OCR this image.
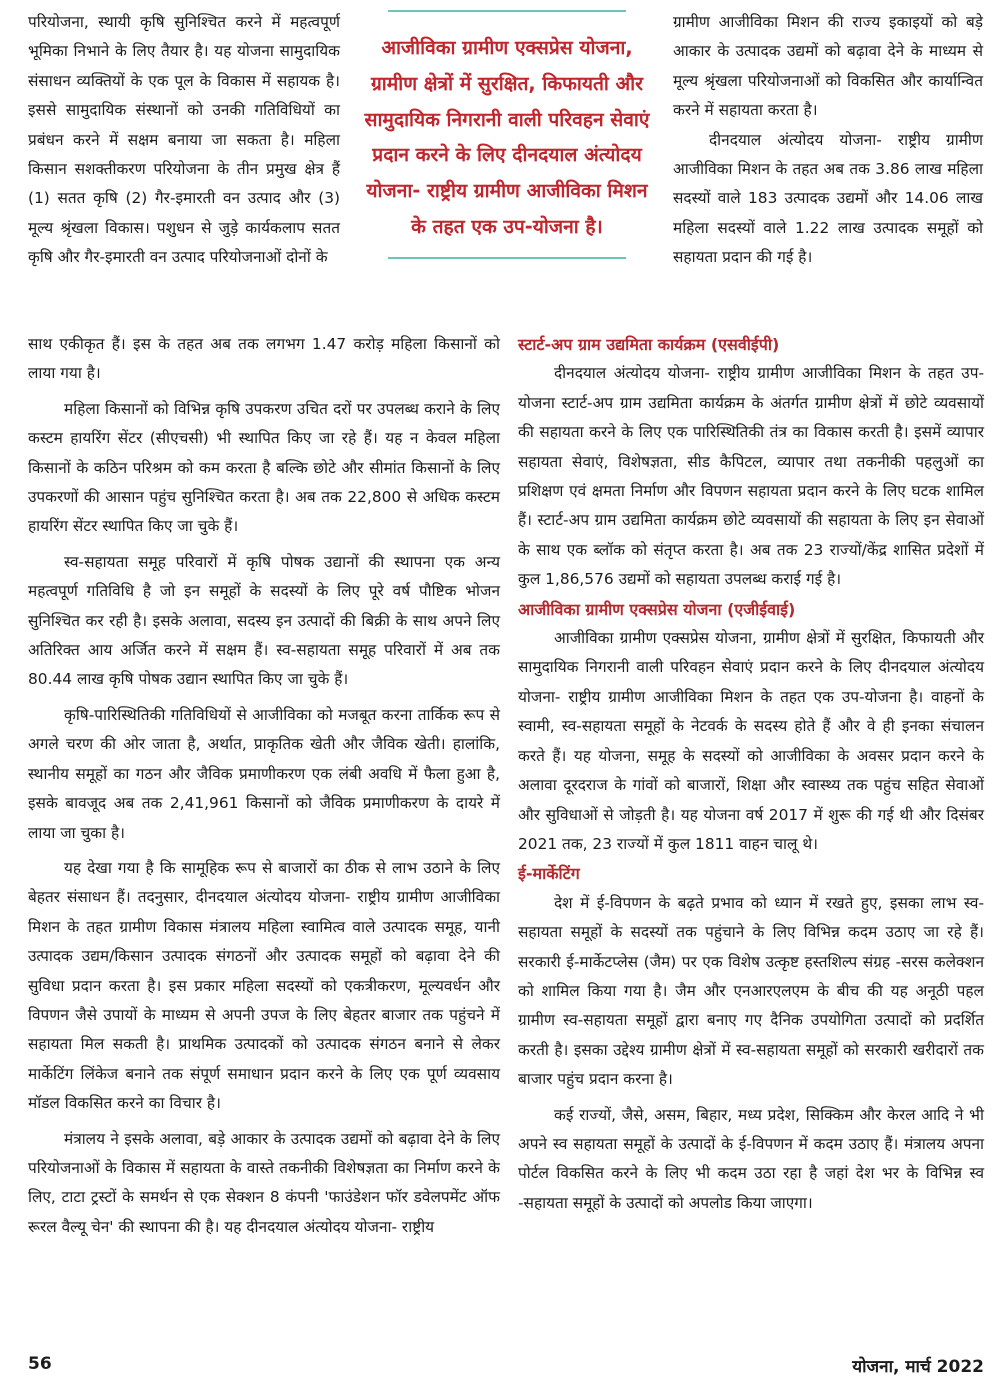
परियोजना, स्थायी कृषि सुनिश्चित करने में महत्वपूर्ण भूमिका निभाने के लिए तैयार है। यह योजना सामुदायिक संसाधन व्यक्तियों के एक पूल के विकास में सहायक है। इससे सामुदायिक संस्थानों को उनकी गतिविधियों का प्रबंधन करने में सक्षम बनाया जा सकता है। महिला किसान सशक्तीकरण परियोजना के तीन प्रमुख क्षेत्र हैं (1) सतत कृषि (2) गैर-इमारती वन उत्पाद और (3) मूल्य श्रृंखला विकास। पशुधन से जुड़े कार्यकलाप सतत कृषि और गैर-इमारती वन उत्पाद परियोजनाओं दोनों के

आजीविका ग्रामीण एक्सप्रेस योजना, ग्रामीण क्षेत्रों में सुरक्षित, किफायती और सामुदायिक निगरानी वाली परिवहन सेवाएं प्रदान करने के लिए दीनदयाल अंत्योदय योजना- राष्ट्रीय ग्रामीण आजीविका मिशन के तहत एक उप-योजना है।

ग्रामीण आजीविका मिशन की राज्य इकाइयों को बड़े आकार के उत्पादक उद्यमों को बढ़ावा देने के माध्यम से मूल्य श्रृंखला परियोजनाओं को विकसित और कार्यान्वित करने में सहायता करता है।

दीनदयाल अंत्योदय योजना- राष्ट्रीय ग्रामीण आजीविका मिशन के तहत अब तक 3.86 लाख महिला सदस्यों वाले 183 उत्पादक उद्यमों और 14.06 लाख महिला सदस्यों वाले 1.22 लाख उत्पादक समूहों को सहायता प्रदान की गई है।

साथ एकीकृत हैं। इस के तहत अब तक लगभग 1.47 करोड़ महिला किसानों को लाया गया है।

महिला किसानों को विभिन्न कृषि उपकरण उचित दरों पर उपलब्ध कराने के लिए कस्टम हायरिंग सेंटर (सीएचसी) भी स्थापित किए जा रहे हैं। यह न केवल महिला किसानों के कठिन परिश्रम को कम करता है बल्कि छोटे और सीमांत किसानों के लिए उपकरणों की आसान पहुंच सुनिश्चित करता है। अब तक 22,800 से अधिक कस्टम हायरिंग सेंटर स्थापित किए जा चुके हैं।

स्व-सहायता समूह परिवारों में कृषि पोषक उद्यानों की स्थापना एक अन्य महत्वपूर्ण गतिविधि है जो इन समूहों के सदस्यों के लिए पूरे वर्ष पौष्टिक भोजन सुनिश्चित कर रही है। इसके अलावा, सदस्य इन उत्पादों की बिक्री के साथ अपने लिए अतिरिक्त आय अर्जित करने में सक्षम हैं। स्व-सहायता समूह परिवारों में अब तक 80.44 लाख कृषि पोषक उद्यान स्थापित किए जा चुके हैं।

कृषि-पारिस्थितिकी गतिविधियों से आजीविका को मजबूत करना तार्किक रूप से अगले चरण की ओर जाता है, अर्थात, प्राकृतिक खेती और जैविक खेती। हालांकि, स्थानीय समूहों का गठन और जैविक प्रमाणीकरण एक लंबी अवधि में फैला हुआ है, इसके बावजूद अब तक 2,41,961 किसानों को जैविक प्रमाणीकरण के दायरे में लाया जा चुका है।

यह देखा गया है कि सामूहिक रूप से बाजारों का ठीक से लाभ उठाने के लिए बेहतर संसाधन हैं। तदनुसार, दीनदयाल अंत्योदय योजना- राष्ट्रीय ग्रामीण आजीविका मिशन के तहत ग्रामीण विकास मंत्रालय महिला स्वामित्व वाले उत्पादक समूह, यानी उत्पादक उद्यम/किसान उत्पादक संगठनों और उत्पादक समूहों को बढ़ावा देने की सुविधा प्रदान करता है। इस प्रकार महिला सदस्यों को एकत्रीकरण, मूल्यवर्धन और विपणन जैसे उपायों के माध्यम से अपनी उपज के लिए बेहतर बाजार तक पहुंचने में सहायता मिल सकती है। प्राथमिक उत्पादकों को उत्पादक संगठन बनाने से लेकर मार्केटिंग लिंकेज बनाने तक संपूर्ण समाधान प्रदान करने के लिए एक पूर्ण व्यवसाय मॉडल विकसित करने का विचार है।

मंत्रालय ने इसके अलावा, बड़े आकार के उत्पादक उद्यमों को बढ़ावा देने के लिए परियोजनाओं के विकास में सहायता के वास्ते तकनीकी विशेषज्ञता का निर्माण करने के लिए, टाटा ट्रस्टों के समर्थन से एक सेक्शन 8 कंपनी 'फाउंडेशन फॉर डवेलपमेंट ऑफ रूरल वैल्यू चेन' की स्थापना की है। यह दीनदयाल अंत्योदय योजना- राष्ट्रीय

स्टार्ट-अप ग्राम उद्यमिता कार्यक्रम (एसवीईपी)

दीनदयाल अंत्योदय योजना- राष्ट्रीय ग्रामीण आजीविका मिशन के तहत उप-योजना स्टार्ट-अप ग्राम उद्यमिता कार्यक्रम के अंतर्गत ग्रामीण क्षेत्रों में छोटे व्यवसायों की सहायता करने के लिए एक पारिस्थितिकी तंत्र का विकास करती है। इसमें व्यापार सहायता सेवाएं, विशेषज्ञता, सीड कैपिटल, व्यापार तथा तकनीकी पहलुओं का प्रशिक्षण एवं क्षमता निर्माण और विपणन सहायता प्रदान करने के लिए घटक शामिल हैं। स्टार्ट-अप ग्राम उद्यमिता कार्यक्रम छोटे व्यवसायों की सहायता के लिए इन सेवाओं के साथ एक ब्लॉक को संतृप्त करता है। अब तक 23 राज्यों/केंद्र शासित प्रदेशों में कुल 1,86,576 उद्यमों को सहायता उपलब्ध कराई गई है।

आजीविका ग्रामीण एक्सप्रेस योजना (एजीईवाई)

आजीविका ग्रामीण एक्सप्रेस योजना, ग्रामीण क्षेत्रों में सुरक्षित, किफायती और सामुदायिक निगरानी वाली परिवहन सेवाएं प्रदान करने के लिए दीनदयाल अंत्योदय योजना- राष्ट्रीय ग्रामीण आजीविका मिशन के तहत एक उप-योजना है। वाहनों के स्वामी, स्व-सहायता समूहों के नेटवर्क के सदस्य होते हैं और वे ही इनका संचालन करते हैं। यह योजना, समूह के सदस्यों को आजीविका के अवसर प्रदान करने के अलावा दूरदराज के गांवों को बाजारों, शिक्षा और स्वास्थ्य तक पहुंच सहित सेवाओं और सुविधाओं से जोड़ती है। यह योजना वर्ष 2017 में शुरू की गई थी और दिसंबर 2021 तक, 23 राज्यों में कुल 1811 वाहन चालू थे।

ई-मार्केटिंग

देश में ई-विपणन के बढ़ते प्रभाव को ध्यान में रखते हुए, इसका लाभ स्व-सहायता समूहों के सदस्यों तक पहुंचाने के लिए विभिन्न कदम उठाए जा रहे हैं। सरकारी ई-मार्केटप्लेस (जैम) पर एक विशेष उत्कृष्ट हस्तशिल्प संग्रह -सरस कलेक्शन को शामिल किया गया है। जैम और एनआरएलएम के बीच की यह अनूठी पहल ग्रामीण स्व-सहायता समूहों द्वारा बनाए गए दैनिक उपयोगिता उत्पादों को प्रदर्शित करती है। इसका उद्देश्य ग्रामीण क्षेत्रों में स्व-सहायता समूहों को सरकारी खरीदारों तक बाजार पहुंच प्रदान करना है।

कई राज्यों, जैसे, असम, बिहार, मध्य प्रदेश, सिक्किम और केरल आदि ने भी अपने स्व सहायता समूहों के उत्पादों के ई-विपणन में कदम उठाए हैं। मंत्रालय अपना पोर्टल विकसित करने के लिए भी कदम उठा रहा है जहां देश भर के विभिन्न स्व -सहायता समूहों के उत्पादों को अपलोड किया जाएगा।

56	योजना, मार्च 2022
